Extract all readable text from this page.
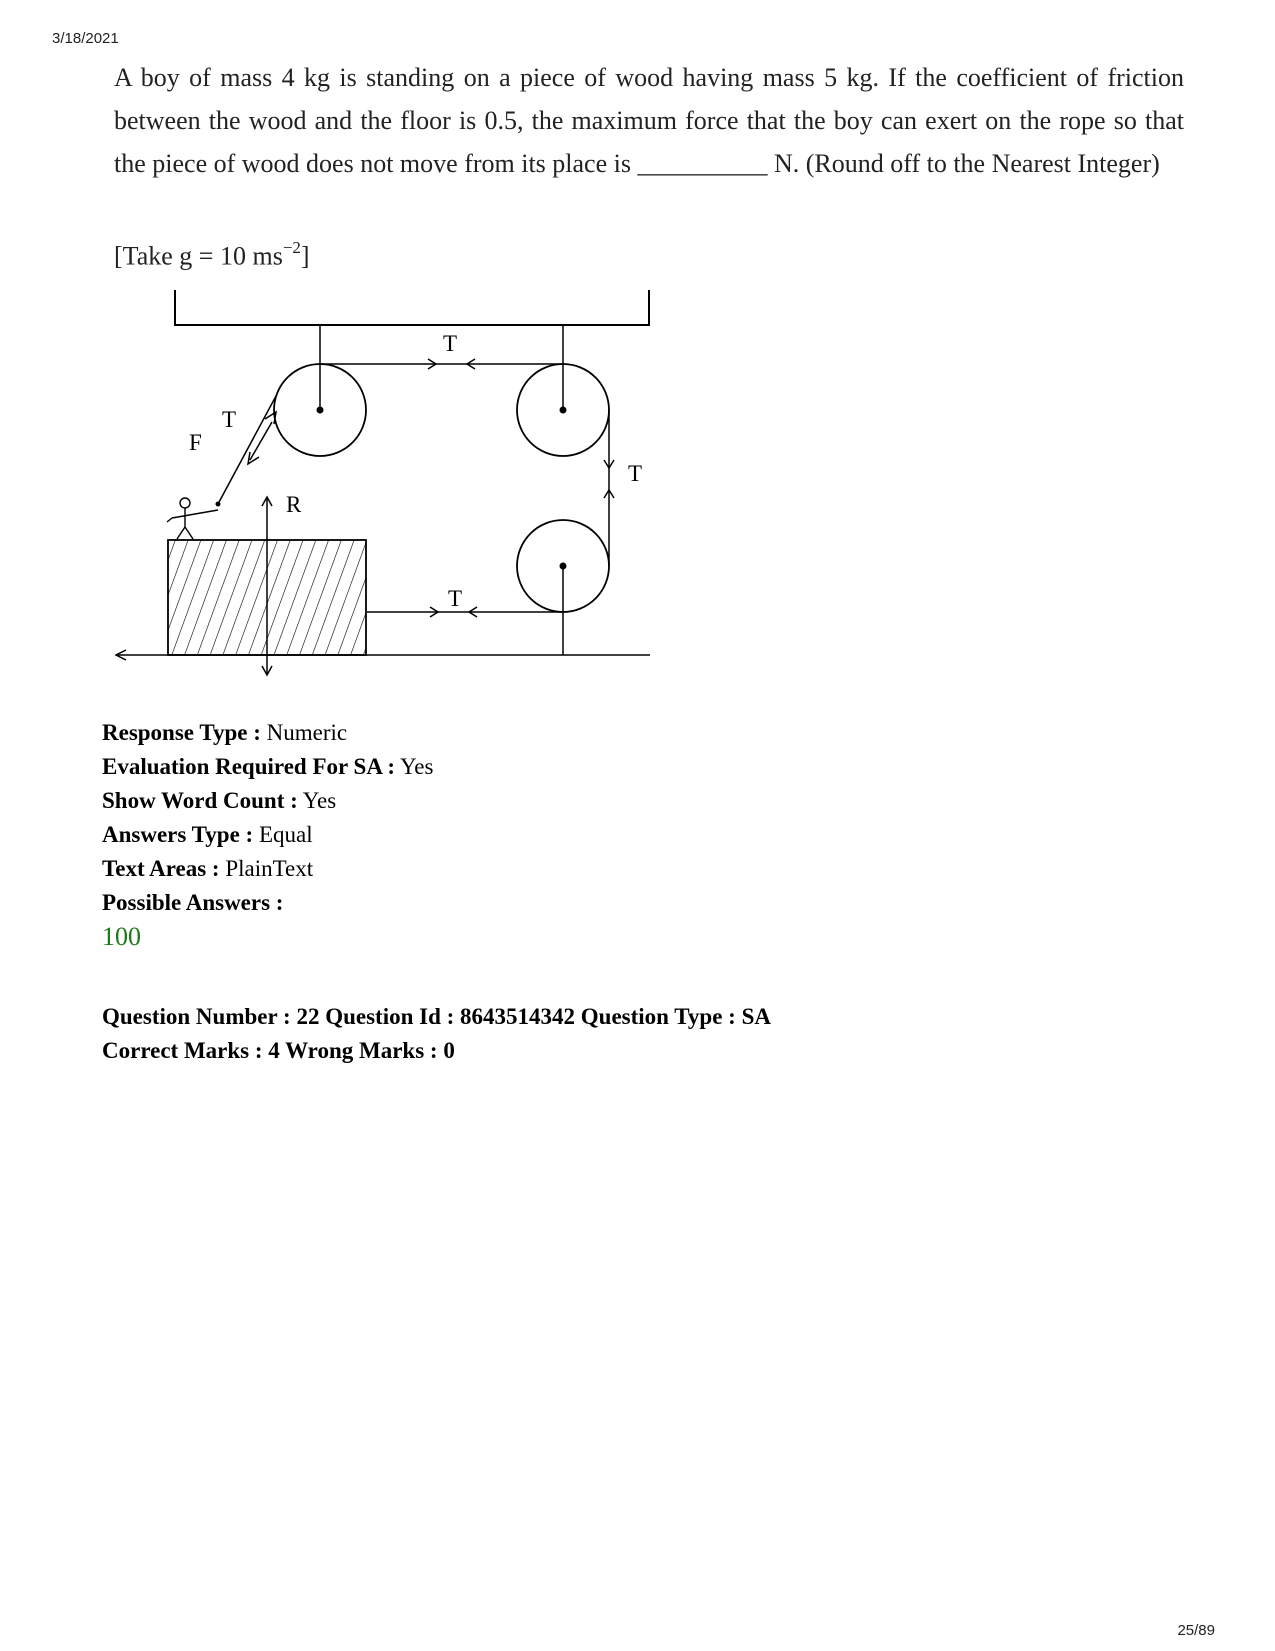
3/18/2021
A boy of mass 4 kg is standing on a piece of wood having mass 5 kg. If the coefficient of friction between the wood and the floor is 0.5, the maximum force that the boy can exert on the rope so that the piece of wood does not move from its place is __________ N. (Round off to the Nearest Integer)
[Take g = 10 $ms^{-2}$]
T
T
F
R
T
T
Response Type : Numeric
Evaluation Required For SA : Yes
Show Word Count : Yes
Answers Type : Equal
Text Areas : PlainText
Possible Answers :
100
Question Number : 22 Question Id : 8643514342 Question Type : SA
Correct Marks : 4 Wrong Marks : 0
25/89
